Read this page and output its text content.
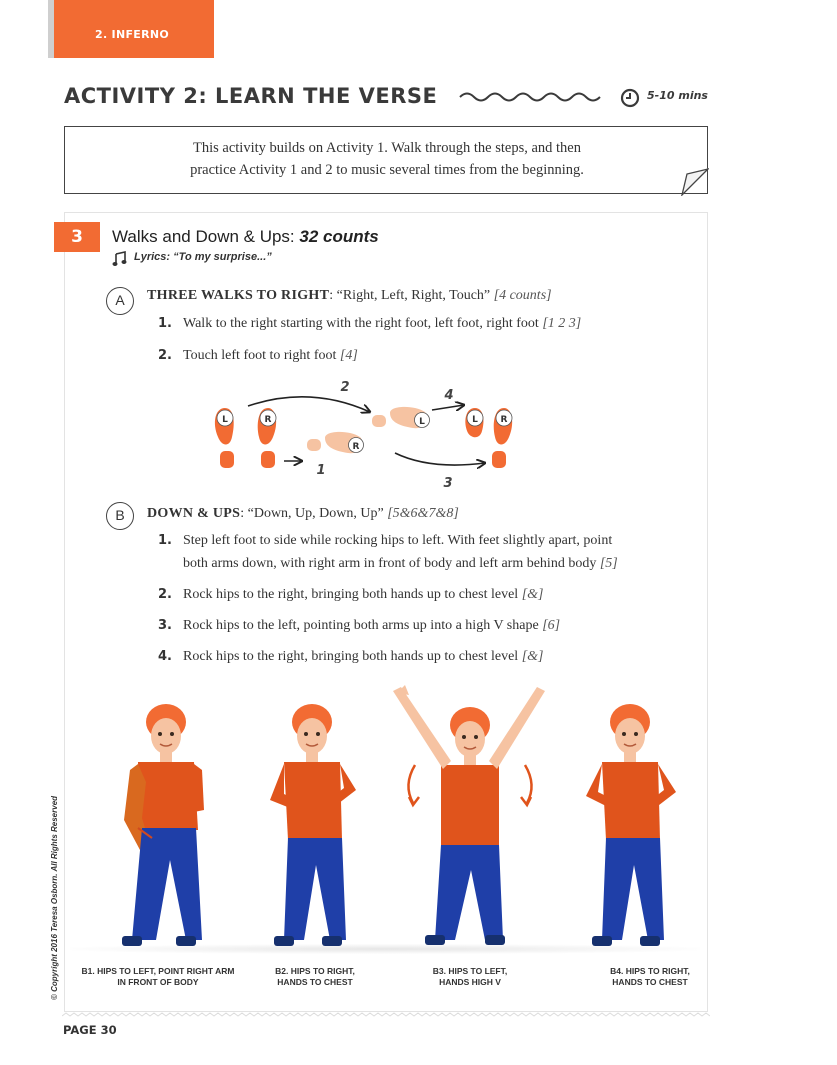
2. INFERNO
ACTIVITY 2: LEARN THE VERSE	5-10 mins
This activity builds on Activity 1. Walk through the steps, and then
practice Activity 1 and 2 to music several times from the beginning.
3	Walks and Down & Ups: 32 counts
Lyrics: “To my surprise...”
A	THREE WALKS TO RIGHT: “Right, Left, Right, Touch” [4 counts]
1. Walk to the right starting with the right foot, left foot, right foot [1 2 3]
2. Touch left foot to right foot [4]
L	R
R
L	L	R
2
4
1
3
B	DOWN & UPS: “Down, Up, Down, Up” [5&6&7&8]
1. Step left foot to side while rocking hips to left. With feet slightly apart, point
both arms down, with right arm in front of body and left arm behind body [5]
2. Rock hips to the right, bringing both hands up to chest level [&]
3. Rock hips to the left, pointing both arms up into a high V shape [6]
4. Rock hips to the right, bringing both hands up to chest level [&]
B1. HIPS TO LEFT, POINT RIGHT ARM
IN FRONT OF BODY
B2. HIPS TO RIGHT,
HANDS TO CHEST
B3. HIPS TO LEFT,
HANDS HIGH V
B4. HIPS TO RIGHT,
HANDS TO CHEST
© Copyright 2016 Teresa Osborn. All Rights Reserved
PAGE 30
